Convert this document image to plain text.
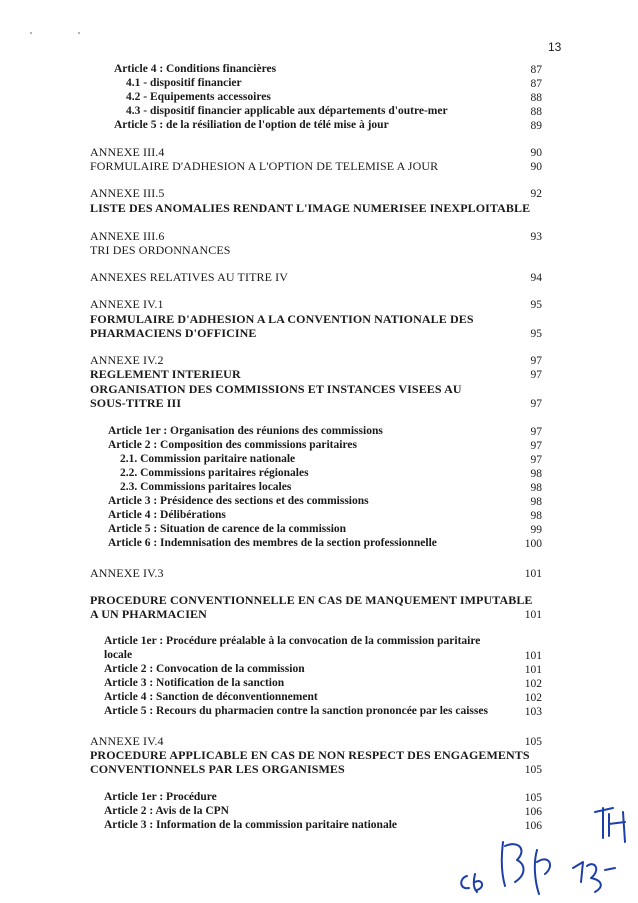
13
Article 4 : Conditions financières	87
4.1 - dispositif financier	87
4.2 - Equipements accessoires	88
4.3 - dispositif financier applicable aux départements d'outre-mer	88
Article 5 : de la résiliation de l'option de télé mise à jour	89
ANNEXE III.4	90
FORMULAIRE D'ADHESION A L'OPTION DE TELEMISE A JOUR	90
ANNEXE III.5	92
LISTE DES ANOMALIES RENDANT L'IMAGE NUMERISEE INEXPLOITABLE
ANNEXE III.6	93
TRI DES ORDONNANCES
ANNEXES RELATIVES AU TITRE IV	94
ANNEXE IV.1	95
FORMULAIRE D'ADHESION A LA CONVENTION NATIONALE DES
PHARMACIENS D'OFFICINE	95
ANNEXE IV.2	97
REGLEMENT INTERIEUR	97
ORGANISATION DES COMMISSIONS ET INSTANCES VISEES AU
SOUS-TITRE III	97
Article 1er : Organisation des réunions des commissions	97
Article 2 : Composition des commissions paritaires	97
2.1. Commission paritaire nationale	97
2.2. Commissions paritaires régionales	98
2.3. Commissions paritaires locales	98
Article 3 : Présidence des sections et des commissions	98
Article 4 : Délibérations	98
Article 5 : Situation de carence de la commission	99
Article 6 : Indemnisation des membres de la section professionnelle	100
ANNEXE IV.3	101
PROCEDURE CONVENTIONNELLE EN CAS DE MANQUEMENT IMPUTABLE
A UN PHARMACIEN	101
Article 1er : Procédure préalable à la convocation de la commission paritaire
locale	101
Article 2 : Convocation de la commission	101
Article 3 : Notification de la sanction	102
Article 4 : Sanction de déconventionnement	102
Article 5 : Recours du pharmacien contre la sanction prononcée par les caisses	103
ANNEXE IV.4	105
PROCEDURE APPLICABLE EN CAS DE NON RESPECT DES ENGAGEMENTS
CONVENTIONNELS PAR LES ORGANISMES	105
Article 1er : Procédure	105
Article 2 : Avis de la CPN	106
Article 3 : Information de la commission paritaire nationale	106
